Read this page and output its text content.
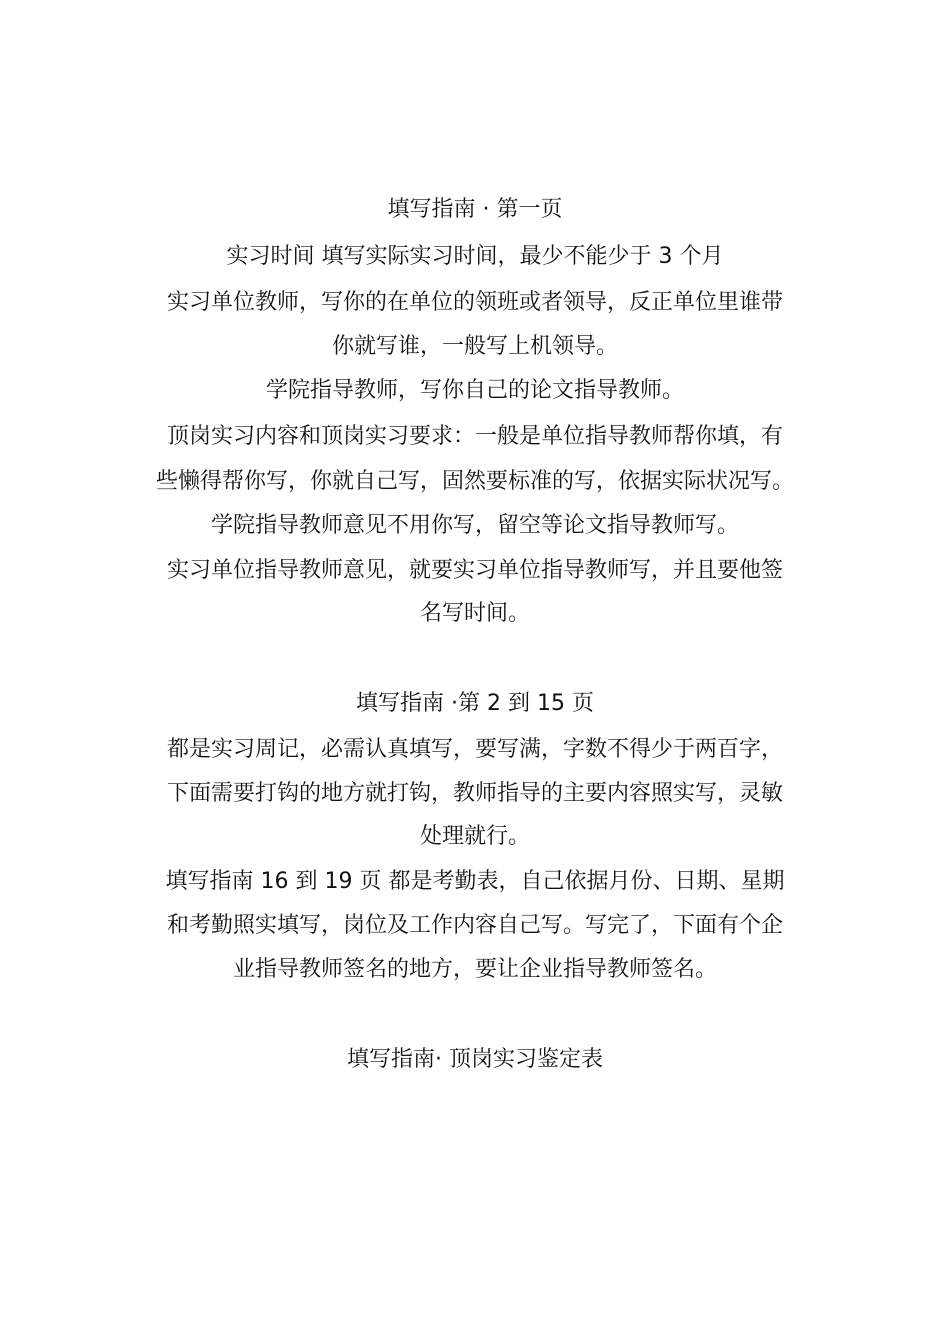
填写指南 · 第一页
实习时间 填写实际实习时间，最少不能少于 3 个月
实习单位教师，写你的在单位的领班或者领导，反正单位里谁带
你就写谁，一般写上机领导。
学院指导教师，写你自己的论文指导教师。
顶岗实习内容和顶岗实习要求：一般是单位指导教师帮你填，有
些懒得帮你写，你就自己写，固然要标准的写，依据实际状况写。
学院指导教师意见不用你写，留空等论文指导教师写。
实习单位指导教师意见，就要实习单位指导教师写，并且要他签
名写时间。
填写指南 ·第 2 到 15 页
都是实习周记，必需认真填写，要写满，字数不得少于两百字，
下面需要打钩的地方就打钩，教师指导的主要内容照实写，灵敏
处理就行。
填写指南 16 到 19 页 都是考勤表，自己依据月份、日期、星期
和考勤照实填写，岗位及工作内容自己写。写完了，下面有个企
业指导教师签名的地方，要让企业指导教师签名。
填写指南· 顶岗实习鉴定表
